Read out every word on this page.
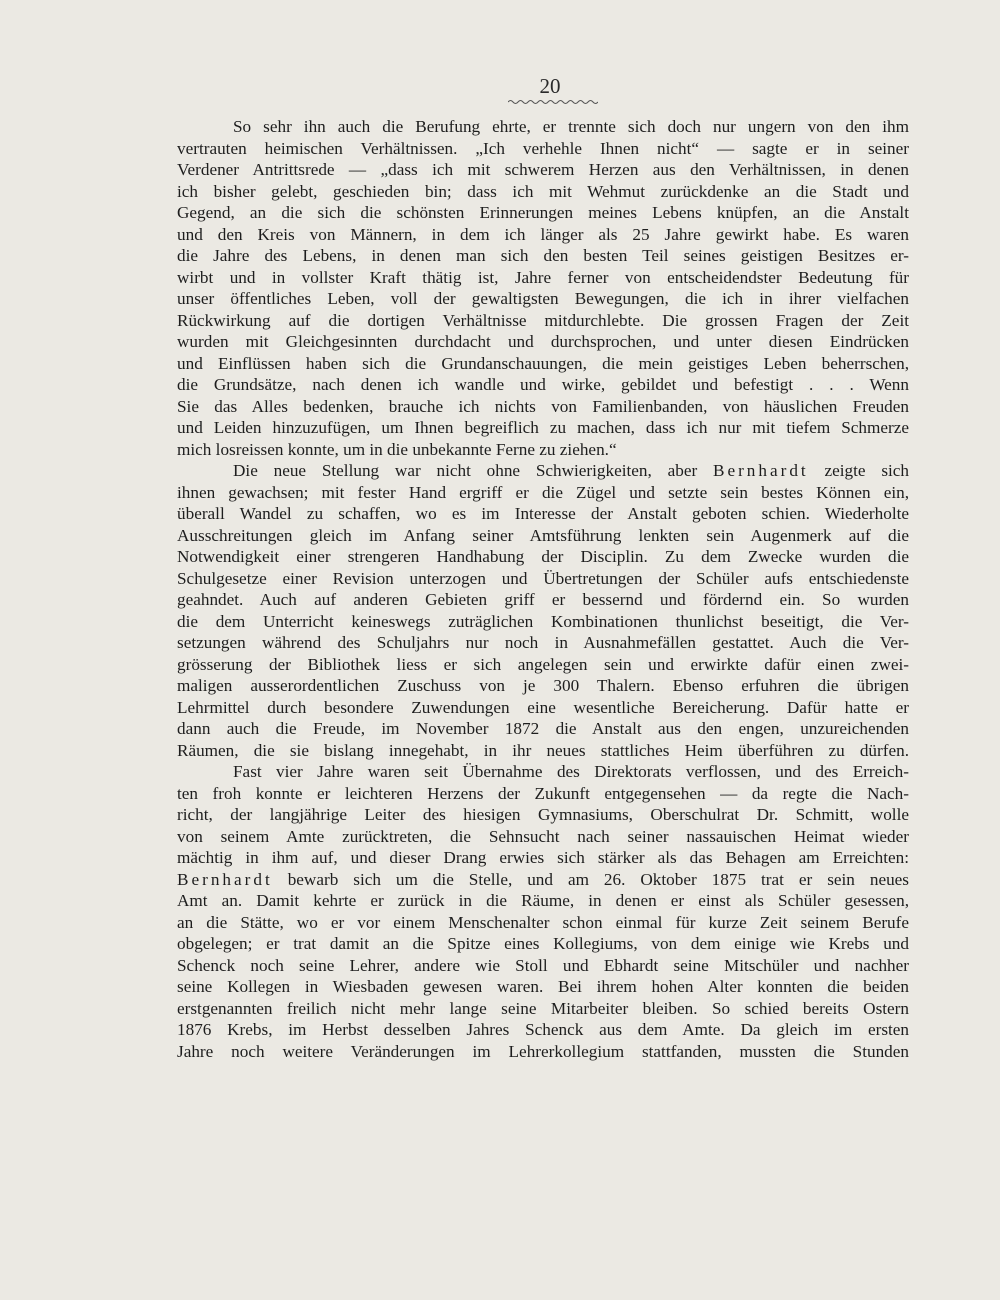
20
So sehr ihn auch die Berufung ehrte, er trennte sich doch nur ungern von den ihm
vertrauten heimischen Verhältnissen. „Ich verhehle Ihnen nicht“ — sagte er in seiner
Verdener Antrittsrede — „dass ich mit schwerem Herzen aus den Verhältnissen, in denen
ich bisher gelebt, geschieden bin; dass ich mit Wehmut zurückdenke an die Stadt und
Gegend, an die sich die schönsten Erinnerungen meines Lebens knüpfen, an die Anstalt
und den Kreis von Männern, in dem ich länger als 25 Jahre gewirkt habe. Es waren
die Jahre des Lebens, in denen man sich den besten Teil seines geistigen Besitzes er-
wirbt und in vollster Kraft thätig ist, Jahre ferner von entscheidendster Bedeutung für
unser öffentliches Leben, voll der gewaltigsten Bewegungen, die ich in ihrer vielfachen
Rückwirkung auf die dortigen Verhältnisse mitdurchlebte. Die grossen Fragen der Zeit
wurden mit Gleichgesinnten durchdacht und durchsprochen, und unter diesen Eindrücken
und Einflüssen haben sich die Grundanschauungen, die mein geistiges Leben beherrschen,
die Grundsätze, nach denen ich wandle und wirke, gebildet und befestigt . . . Wenn
Sie das Alles bedenken, brauche ich nichts von Familienbanden, von häuslichen Freuden
und Leiden hinzuzufügen, um Ihnen begreiflich zu machen, dass ich nur mit tiefem Schmerze
mich losreissen konnte, um in die unbekannte Ferne zu ziehen.“
Die neue Stellung war nicht ohne Schwierigkeiten, aber Bernhardt zeigte sich
ihnen gewachsen; mit fester Hand ergriff er die Zügel und setzte sein bestes Können ein,
überall Wandel zu schaffen, wo es im Interesse der Anstalt geboten schien. Wiederholte
Ausschreitungen gleich im Anfang seiner Amtsführung lenkten sein Augenmerk auf die
Notwendigkeit einer strengeren Handhabung der Disciplin. Zu dem Zwecke wurden die
Schulgesetze einer Revision unterzogen und Übertretungen der Schüler aufs entschiedenste
geahndet. Auch auf anderen Gebieten griff er bessernd und fördernd ein. So wurden
die dem Unterricht keineswegs zuträglichen Kombinationen thunlichst beseitigt, die Ver-
setzungen während des Schuljahrs nur noch in Ausnahmefällen gestattet. Auch die Ver-
grösserung der Bibliothek liess er sich angelegen sein und erwirkte dafür einen zwei-
maligen ausserordentlichen Zuschuss von je 300 Thalern. Ebenso erfuhren die übrigen
Lehrmittel durch besondere Zuwendungen eine wesentliche Bereicherung. Dafür hatte er
dann auch die Freude, im November 1872 die Anstalt aus den engen, unzureichenden
Räumen, die sie bislang innegehabt, in ihr neues stattliches Heim überführen zu dürfen.
Fast vier Jahre waren seit Übernahme des Direktorats verflossen, und des Erreich-
ten froh konnte er leichteren Herzens der Zukunft entgegensehen — da regte die Nach-
richt, der langjährige Leiter des hiesigen Gymnasiums, Oberschulrat Dr. Schmitt, wolle
von seinem Amte zurücktreten, die Sehnsucht nach seiner nassauischen Heimat wieder
mächtig in ihm auf, und dieser Drang erwies sich stärker als das Behagen am Erreichten:
Bernhardt bewarb sich um die Stelle, und am 26. Oktober 1875 trat er sein neues
Amt an. Damit kehrte er zurück in die Räume, in denen er einst als Schüler gesessen,
an die Stätte, wo er vor einem Menschenalter schon einmal für kurze Zeit seinem Berufe
obgelegen; er trat damit an die Spitze eines Kollegiums, von dem einige wie Krebs und
Schenck noch seine Lehrer, andere wie Stoll und Ebhardt seine Mitschüler und nachher
seine Kollegen in Wiesbaden gewesen waren. Bei ihrem hohen Alter konnten die beiden
erstgenannten freilich nicht mehr lange seine Mitarbeiter bleiben. So schied bereits Ostern
1876 Krebs, im Herbst desselben Jahres Schenck aus dem Amte. Da gleich im ersten
Jahre noch weitere Veränderungen im Lehrerkollegium stattfanden, mussten die Stunden
